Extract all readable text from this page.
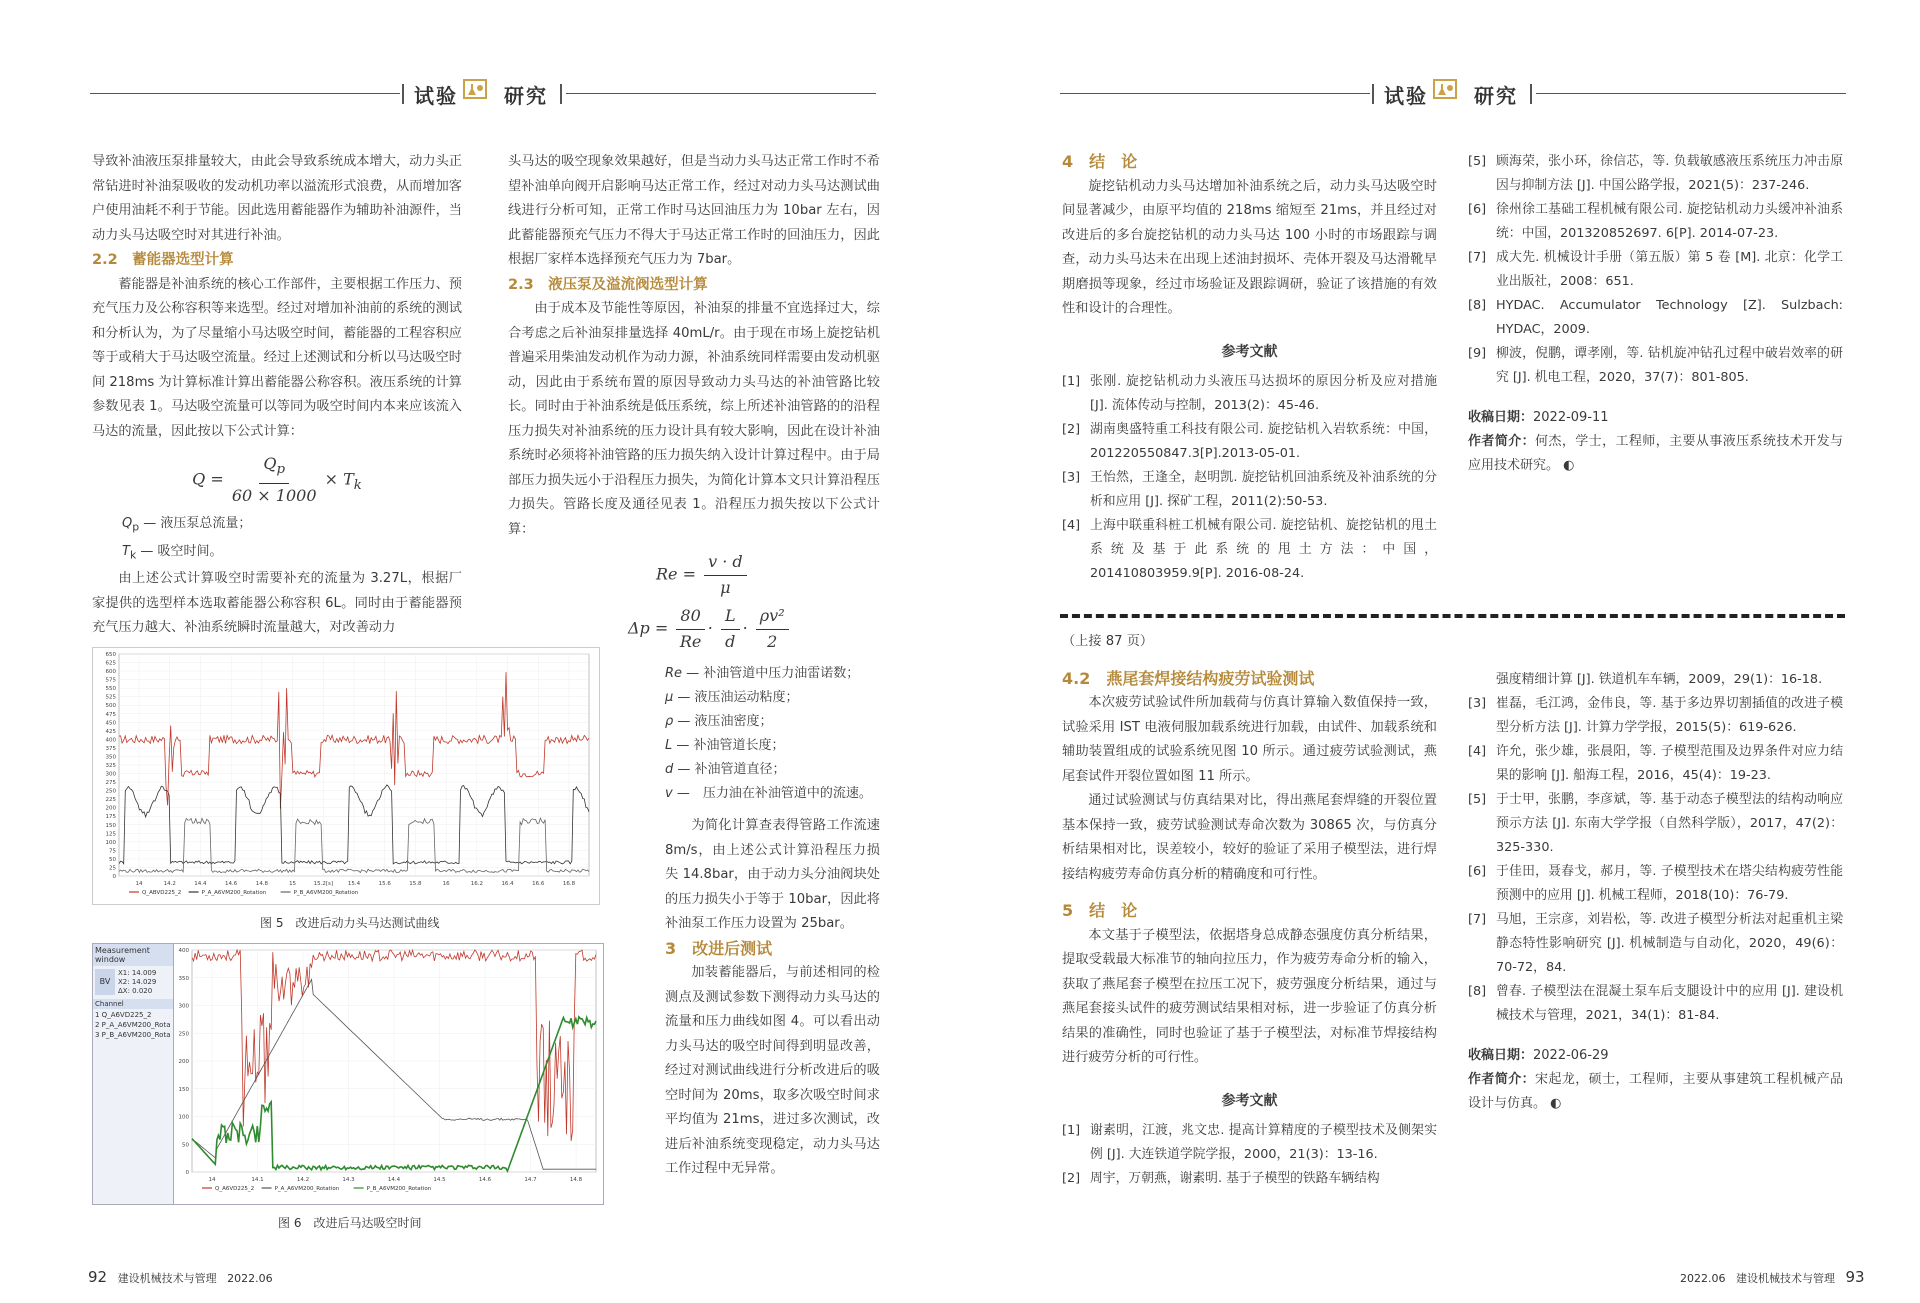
试验 研究	试验 研究

导致补油液压泵排量较大，由此会导致系统成本增大，动力头正常钻进时补油泵吸收的发动机功率以溢流形式浪费，从而增加客户使用油耗不利于节能。因此选用蓄能器作为辅助补油源件，当动力头马达吸空时对其进行补油。

2.2　蓄能器选型计算

蓄能器是补油系统的核心工作部件，主要根据工作压力、预充气压力及公称容积等来选型。经过对增加补油前的系统的测试和分析认为，为了尽量缩小马达吸空时间，蓄能器的工程容积应等于或稍大于马达吸空流量。经过上述测试和分析以马达吸空时间 218ms 为计算标准计算出蓄能器公称容积。液压系统的计算参数见表 1。马达吸空流量可以等同为吸空时间内本来应该流入马达的流量，因此按以下公式计算：

$Q = \frac{Q_p}{60 \times 1000} \times T_k$
$Q_p$ — 液压泵总流量；
$T_k$ — 吸空时间。

由上述公式计算吸空时需要补充的流量为 3.27L，根据厂家提供的选型样本选取蓄能器公称容积 6L。同时由于蓄能器预充气压力越大、补油系统瞬时流量越大，对改善动力

0
25
50
75
100
125
150
175
200
225
250
275
300
325
350
375
400
425
450
475
500
525
550
575
600
625
650
14	14.2	14.4	14.6	14.8	15	15.2[s]	15.4	15.6	15.8	16	16.2	16.4	16.6	16.8
Q_ABVD225_2	P_A_A6VM200_Rotation	P_B_A6VM200_Rotation
图 5　改进后动力头马达测试曲线
Measurement window
BV
X1: 14.009
X2: 14.029
ΔX: 0.020
Channel
1 Q_A6VD225_2
2 P_A_A6VM200_Rota
3 P_B_A6VM200_Rota
0
50
100
150
200
250
300
350
400
14	14.1	14.2	14.3	14.4	14.5	14.6	14.7	14.8
Q_A6VD225_2	P_A_A6VM200_Rotation	P_B_A6VM200_Rotation
图 6　改进后马达吸空时间

头马达的吸空现象效果越好，但是当动力头马达正常工作时不希望补油单向阀开启影响马达正常工作，经过对动力头马达测试曲线进行分析可知，正常工作时马达回油压力为 10bar 左右，因此蓄能器预充气压力不得大于马达正常工作时的回油压力，因此根据厂家样本选择预充气压力为 7bar。

2.3　液压泵及溢流阀选型计算

由于成本及节能性等原因，补油泵的排量不宜选择过大，综合考虑之后补油泵排量选择 40mL/r。由于现在市场上旋挖钻机普遍采用柴油发动机作为动力源，补油系统同样需要由发动机驱动，因此由于系统布置的原因导致动力头马达的补油管路比较长。同时由于补油系统是低压系统，综上所述补油管路的的沿程压力损失对补油系统的压力设计具有较大影响，因此在设计补油系统时必须将补油管路的压力损失纳入设计计算过程中。由于局部压力损失远小于沿程压力损失，为简化计算本文只计算沿程压力损失。管路长度及通径见表 1。沿程压力损失按以下公式计算：

$Re = \frac{v \cdot d}{\mu}$
$\Delta p = \frac{80}{Re} \cdot \frac{L}{d} \cdot \frac{\text{ρv²}}{2}$
Re — 补油管道中压力油雷诺数；
μ — 液压油运动粘度；
ρ — 液压油密度；
L — 补油管道长度；
d — 补油管道直径；
v —　压力油在补油管道中的流速。

为简化计算查表得管路工作流速 8m/s，由上述公式计算沿程压力损失 14.8bar，由于动力头分油阀块处的压力损失小于等于 10bar，因此将补油泵工作压力设置为 25bar。

3　改进后测试

加装蓄能器后，与前述相同的检测点及测试参数下测得动力头马达的流量和压力曲线如图 4。可以看出动力头马达的吸空时间得到明显改善，经过对测试曲线进行分析改进后的吸空时间为 20ms，取多次吸空时间求平均值为 21ms，进过多次测试，改进后补油系统变现稳定，动力头马达工作过程中无异常。

4　结　论

旋挖钻机动力头马达增加补油系统之后，动力头马达吸空时间显著减少，由原平均值的 218ms 缩短至 21ms，并且经过对改进后的多台旋挖钻机的动力头马达 100 小时的市场跟踪与调查，动力头马达未在出现上述油封损坏、壳体开裂及马达滑靴早期磨损等现象，经过市场验证及跟踪调研，验证了该措施的有效性和设计的合理性。

参考文献
[1] 张刚. 旋挖钻机动力头液压马达损坏的原因分析及应对措施 [J]. 流体传动与控制，2013(2)：45-46.
[2] 湖南奥盛特重工科技有限公司. 旋挖钻机入岩软系统：中国，201220550847.3[P].2013-05-01.
[3] 王怡然，王逢全，赵明凯. 旋挖钻机回油系统及补油系统的分析和应用 [J]. 探矿工程，2011(2):50-53.
[4] 上海中联重科桩工机械有限公司. 旋挖钻机、旋挖钻机的甩土系统及基于此系统的甩土方法：中国，201410803959.9[P]. 2016-08-24.
[5] 顾海荣，张小环，徐信芯，等. 负载敏感液压系统压力冲击原因与抑制方法 [J]. 中国公路学报，2021(5)：237-246.
[6] 徐州徐工基础工程机械有限公司. 旋挖钻机动力头缓冲补油系统：中国，201320852697. 6[P]. 2014-07-23.
[7] 成大先. 机械设计手册（第五版）第 5 卷 [M]. 北京：化学工业出版社，2008：651.
[8] HYDAC. Accumulator Technology [Z]. Sulzbach: HYDAC，2009.
[9] 柳波，倪鹏，谭孝刚，等. 钻机旋冲钻孔过程中破岩效率的研究 [J]. 机电工程，2020，37(7)：801-805.
收稿日期：2022-09-11
作者简介：何杰，学士，工程师，主要从事液压系统技术开发与应用技术研究。 ◐

（上接 87 页）

4.2　燕尾套焊接结构疲劳试验测试

本次疲劳试验试件所加载荷与仿真计算输入数值保持一致，试验采用 IST 电液伺服加载系统进行加载，由试件、加载系统和辅助装置组成的试验系统见图 10 所示。通过疲劳试验测试，燕尾套试件开裂位置如图 11 所示。

通过试验测试与仿真结果对比，得出燕尾套焊缝的开裂位置基本保持一致，疲劳试验测试寿命次数为 30865 次，与仿真分析结果相对比，误差较小，较好的验证了采用子模型法，进行焊接结构疲劳寿命仿真分析的精确度和可行性。

5　结　论

本文基于子模型法，依据塔身总成静态强度仿真分析结果，提取受载最大标准节的轴向拉压力，作为疲劳寿命分析的输入，获取了燕尾套子模型在拉压工况下，疲劳强度分析结果，通过与燕尾套接头试件的疲劳测试结果相对标，进一步验证了仿真分析结果的准确性，同时也验证了基于子模型法，对标准节焊接结构进行疲劳分析的可行性。

参考文献
[1] 谢素明，江渡，兆文忠. 提高计算精度的子模型技术及侧架实例 [J]. 大连铁道学院学报，2000，21(3)：13-16.
[2] 周宇，万朝燕，谢素明. 基于子模型的铁路车辆结构
强度精细计算 [J]. 铁道机车车辆，2009，29(1)：16-18.
[3] 崔磊，毛江鸿，金伟良，等. 基于多边界切割插值的改进子模型分析方法 [J]. 计算力学学报，2015(5)：619-626.
[4] 许允，张少雄，张晨阳，等. 子模型范围及边界条件对应力结果的影响 [J]. 船海工程，2016，45(4)：19-23.
[5] 于士甲，张鹏，李彦斌，等. 基于动态子模型法的结构动响应预示方法 [J]. 东南大学学报（自然科学版），2017，47(2)：325-330.
[6] 于佳田，聂春戈，郝月，等. 子模型技术在塔尖结构疲劳性能预测中的应用 [J]. 机械工程师，2018(10)：76-79.
[7] 马旭，王宗彦，刘岩松，等. 改进子模型分析法对起重机主梁静态特性影响研究 [J]. 机械制造与自动化，2020，49(6)：70-72，84.
[8] 曾春. 子模型法在混凝土泵车后支腿设计中的应用 [J]. 建设机械技术与管理，2021，34(1)：81-84.
收稿日期：2022-06-29
作者简介：宋起龙，硕士，工程师，主要从事建筑工程机械产品设计与仿真。 ◐
92 建设机械技术与管理 2022.06	2022.06 建设机械技术与管理 93
